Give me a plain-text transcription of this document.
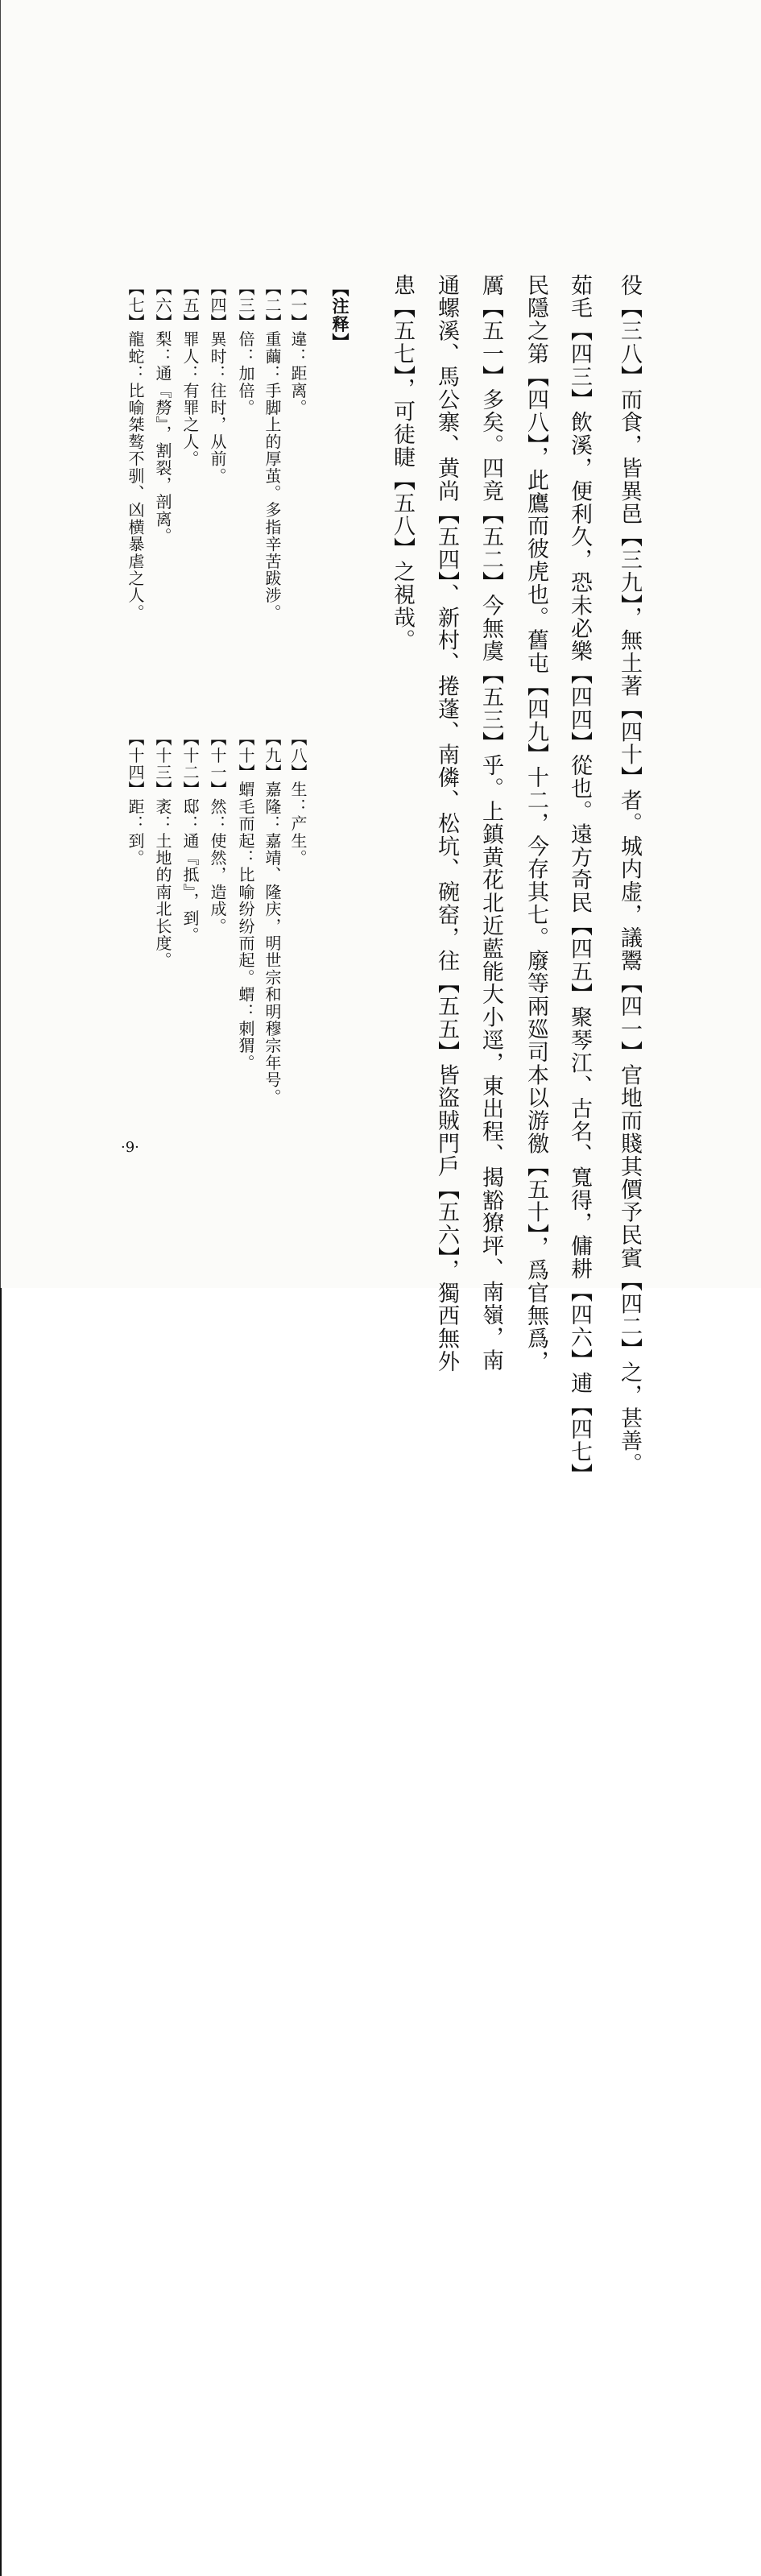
役【三八】而食，皆異邑【三九】，無土著【四十】者。城内虚，議鬻【四一】官地而賤其價予民賓【四二】之，甚善。
茹毛【四三】飲溪，便利久，恐未必樂【四四】從也。遠方奇民【四五】聚琴江、古名、寬得，傭耕【四六】逋【四七】
民隱之第【四八】，此鷹而彼虎也。舊屯【四九】十二，今存其七。廢等兩廵司本以游徼【五十】，爲官無爲，
厲【五一】多矣。四竟【五二】今無虞【五三】乎。上鎮黄花北近藍能大小逕，東出程、揭豁獠坪、南嶺，南
通螺溪、馬公寨、黄尚【五四】、新村、捲蓬、南僯、松坑、碗窑，往【五五】皆盜賊門戶【五六】，獨西無外
患【五七】，可徒睫【五八】之視哉。
【注释】
【一】違：距离。
【二】重繭：手脚上的厚茧。多指辛苦跋涉。
【三】倍：加倍。
【四】異时：往时，从前。
【五】罪人：有罪之人。
【六】梨：通『剺』，割裂，剖离。
【七】龍蛇：比喻桀骜不驯、凶横暴虐之人。
【八】生：产生。
【九】嘉隆：嘉靖、隆庆，明世宗和明穆宗年号。
【十】蝟毛而起：比喻纷纷而起。蝟：刺猬。
【十一】然：使然，造成。
【十二】邸：通『抵』，到。
【十三】袤：土地的南北长度。
【十四】距：到。
·9·
